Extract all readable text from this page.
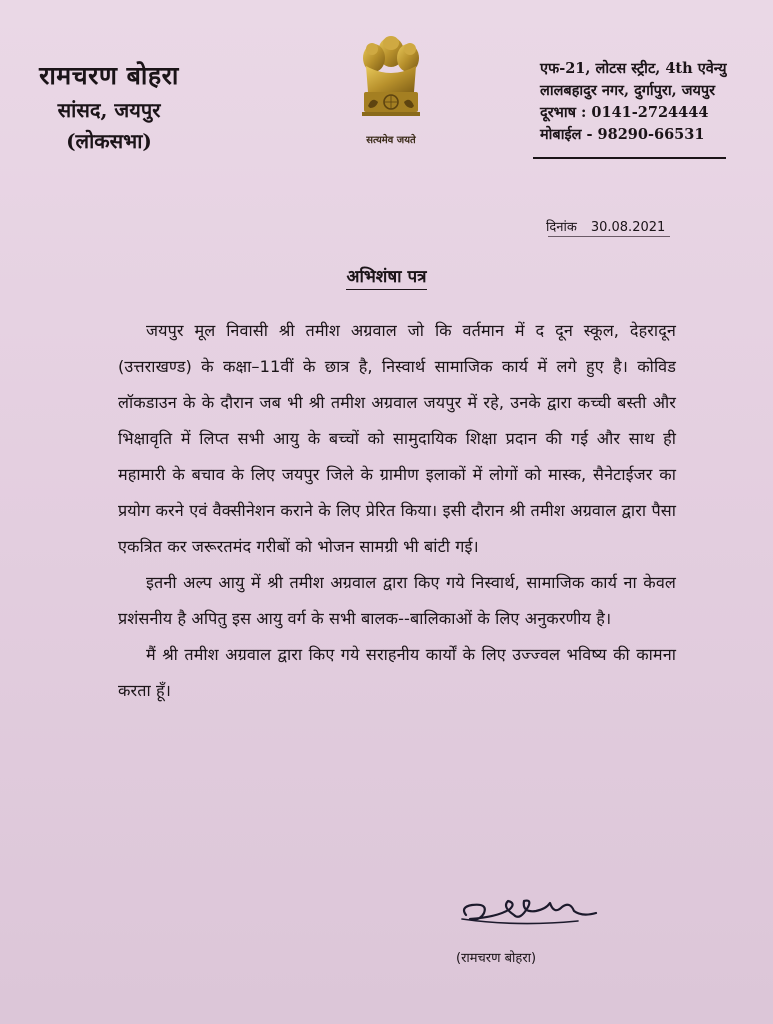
रामचरण बोहरा
सांसद, जयपुर
(लोकसभा)	सत्यमेव जयते
एफ-21, लोटस स्ट्रीट, 4th एवेन्यु
लालबहादुर नगर, दुर्गापुरा, जयपुर
दूरभाष : 0141-2724444
मोबाईल - 98290-66531
दिनांक 30.08.2021
अभिशंषा पत्र

जयपुर मूल निवासी श्री तमीश अग्रवाल जो कि वर्तमान में द दून स्कूल, देहरादून (उत्तराखण्ड) के कक्षा–11वीं के छात्र है, निस्वार्थ सामाजिक कार्य में लगे हुए है। कोविड लॉकडाउन के के दौरान जब भी श्री तमीश अग्रवाल जयपुर में रहे, उनके द्वारा कच्ची बस्ती और भिक्षावृति में लिप्त सभी आयु के बच्चों को सामुदायिक शिक्षा प्रदान की गई और साथ ही महामारी के बचाव के लिए जयपुर जिले के ग्रामीण इलाकों में लोगों को मास्क, सैनेटाईजर का प्रयोग करने एवं वैक्सीनेशन कराने के लिए प्रेरित किया। इसी दौरान श्री तमीश अग्रवाल द्वारा पैसा एकत्रित कर जरूरतमंद गरीबों को भोजन सामग्री भी बांटी गई।

इतनी अल्प आयु में श्री तमीश अग्रवाल द्वारा किए गये निस्वार्थ, सामाजिक कार्य ना केवल प्रशंसनीय है अपितु इस आयु वर्ग के सभी बालक--बालिकाओं के लिए अनुकरणीय है।

मैं श्री तमीश अग्रवाल द्वारा किए गये सराहनीय कार्यों के लिए उज्ज्वल भविष्य की कामना करता हूँ।

(रामचरण बोहरा)
